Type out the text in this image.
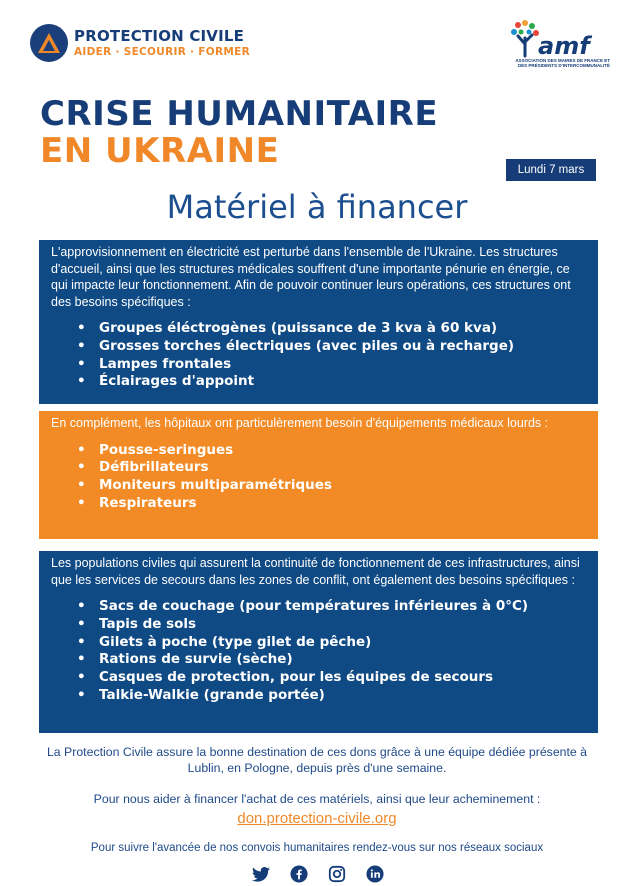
PROTECTION CIVILE
AIDER · SECOURIR · FORMER	amf
ASSOCIATION DES MAIRES DE FRANCE ET DES PRÉSIDENTS D'INTERCOMMUNALITÉ
CRISE HUMANITAIRE
EN UKRAINE	Lundi 7 mars
Matériel à financer

L'approvisionnement en électricité est perturbé dans l'ensemble de l'Ukraine. Les structures d'accueil, ainsi que les structures médicales souffrent d'une importante pénurie en énergie, ce qui impacte leur fonctionnement. Afin de pouvoir continuer leurs opérations, ces structures ont des besoins spécifiques :

• Groupes éléctrogènes (puissance de 3 kva à 60 kva)
• Grosses torches électriques (avec piles ou à recharge)
• Lampes frontales
• Éclairages d'appoint

En complément, les hôpitaux ont particulèrement besoin d'équipements médicaux lourds :

• Pousse-seringues
• Défibrillateurs
• Moniteurs multiparamétriques
• Respirateurs

Les populations civiles qui assurent la continuité de fonctionnement de ces infrastructures, ainsi que les services de secours dans les zones de conflit, ont également des besoins spécifiques :

• Sacs de couchage (pour températures inférieures à 0°C)
• Tapis de sols
• Gilets à poche (type gilet de pêche)
• Rations de survie (sèche)
• Casques de protection, pour les équipes de secours
• Talkie-Walkie (grande portée)

La Protection Civile assure la bonne destination de ces dons grâce à une équipe dédiée présente à Lublin, en Pologne, depuis près d'une semaine.

Pour nous aider à financer l'achat de ces matériels, ainsi que leur acheminement :
don.protection-civile.org

Pour suivre l'avancée de nos convois humanitaires rendez-vous sur nos réseaux sociaux
